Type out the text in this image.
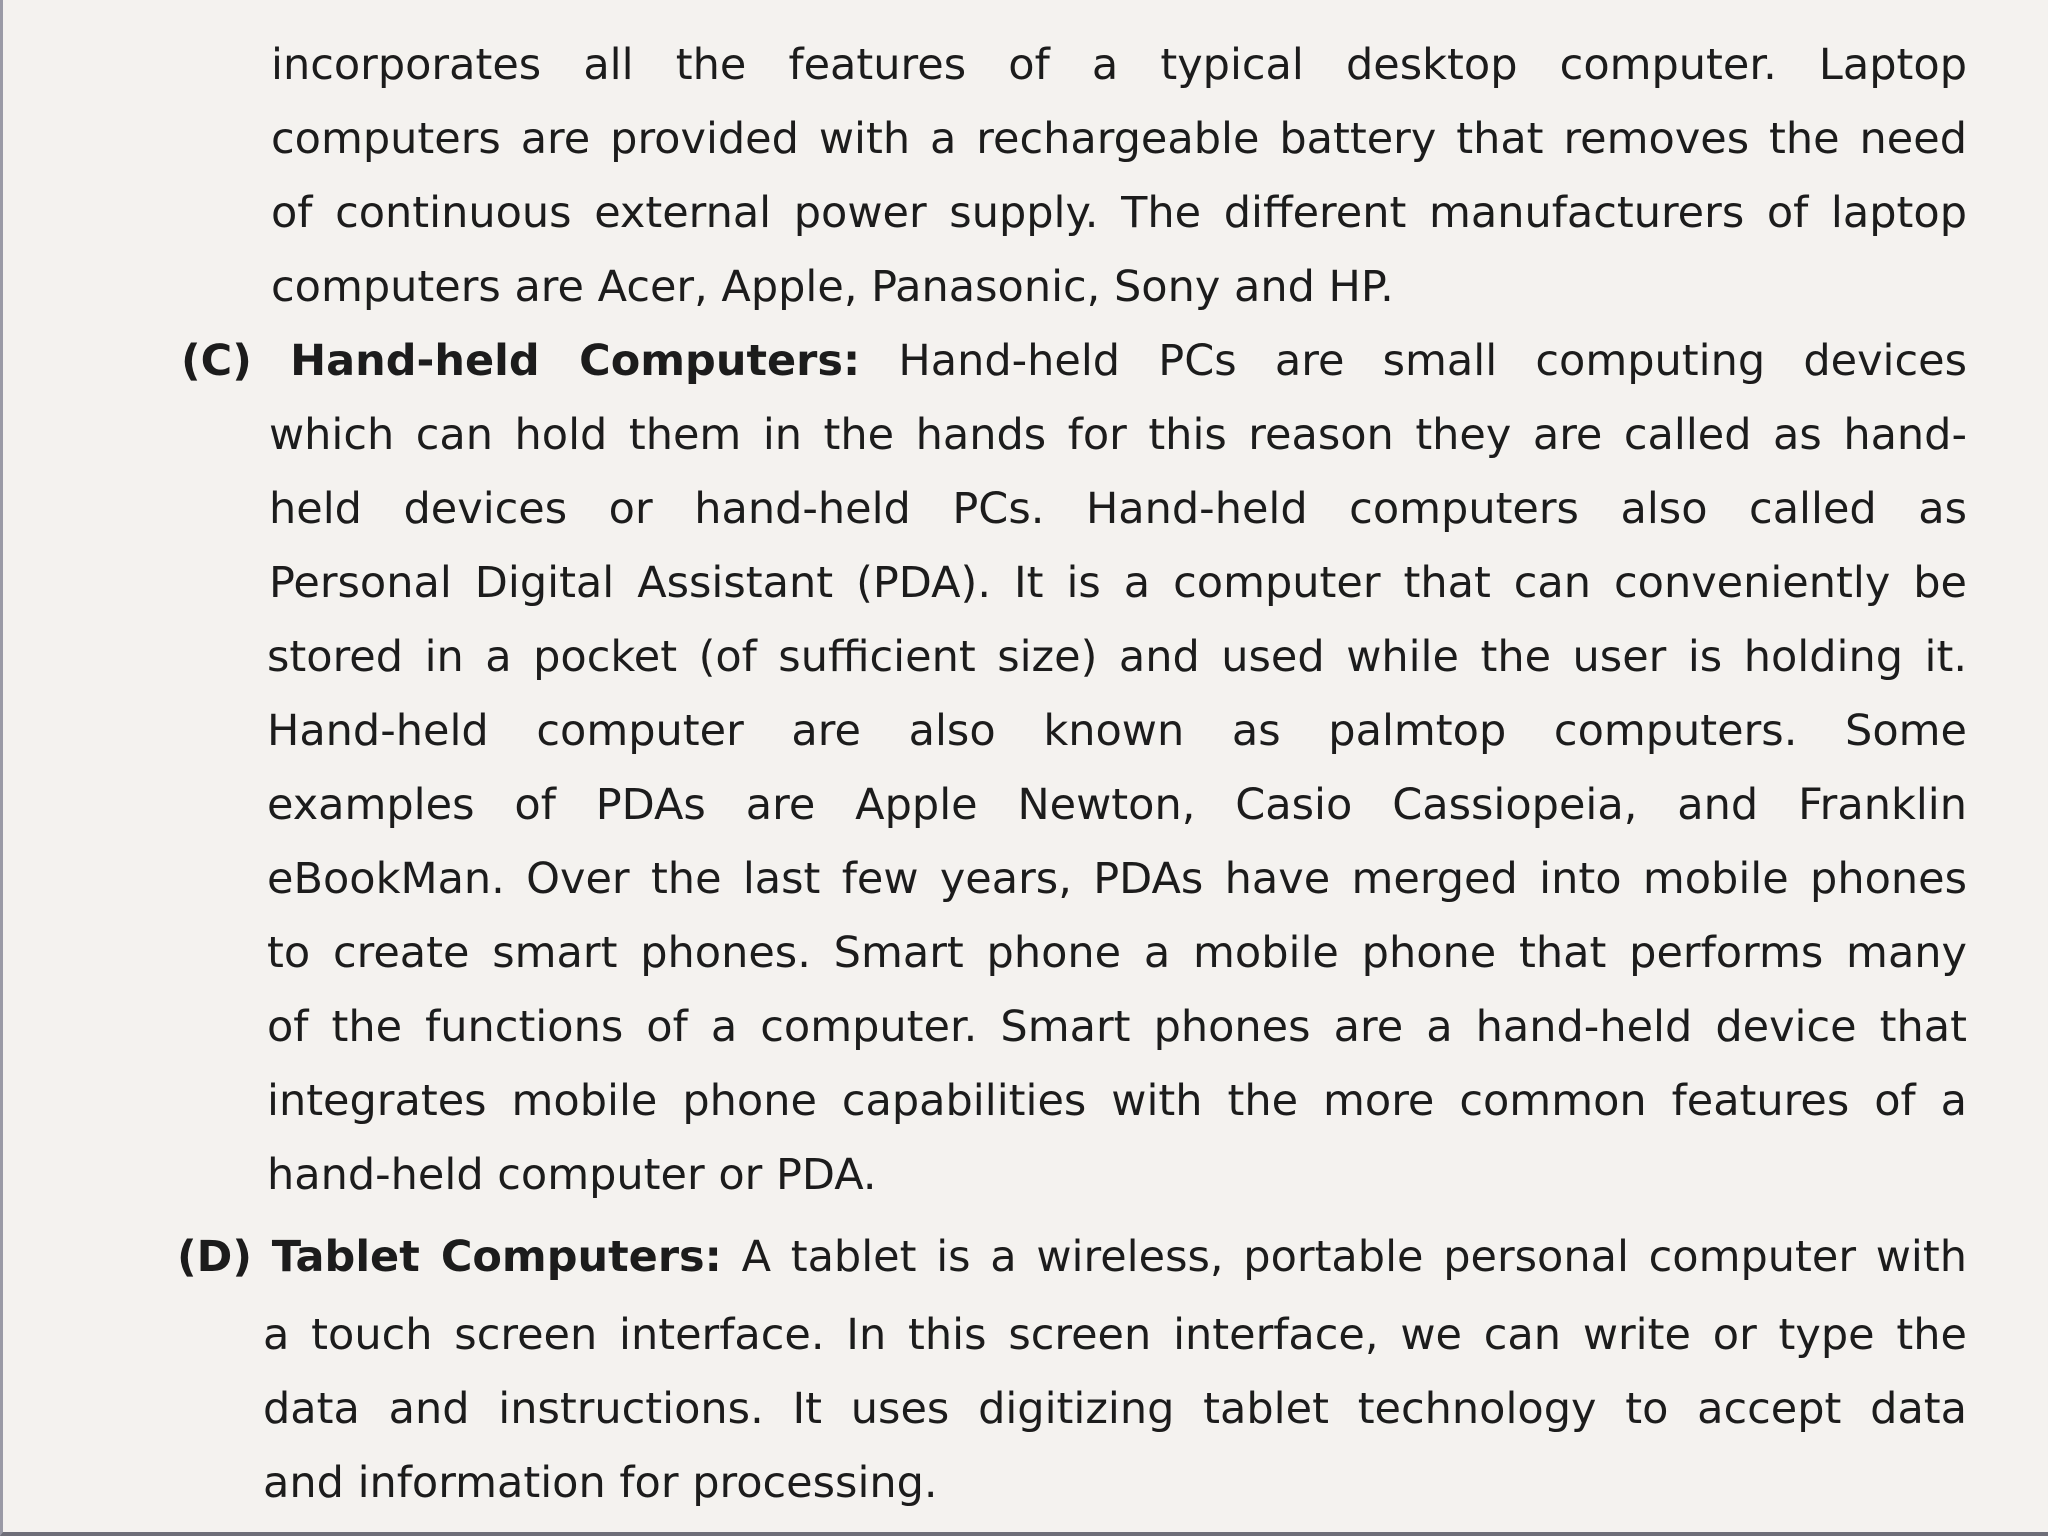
incorporates all the features of a typical desktop computer. Laptop
computers are provided with a rechargeable battery that removes the need
of continuous external power supply. The different manufacturers of laptop
computers are Acer, Apple, Panasonic, Sony and HP.
(C) Hand-held Computers: Hand-held PCs are small computing devices
which can hold them in the hands for this reason they are called as hand-
held devices or hand-held PCs. Hand-held computers also called as
Personal Digital Assistant (PDA). It is a computer that can conveniently be
stored in a pocket (of sufficient size) and used while the user is holding it.
Hand-held computer are also known as palmtop computers. Some
examples of PDAs are Apple Newton, Casio Cassiopeia, and Franklin
eBookMan. Over the last few years, PDAs have merged into mobile phones
to create smart phones. Smart phone a mobile phone that performs many
of the functions of a computer. Smart phones are a hand-held device that
integrates mobile phone capabilities with the more common features of a
hand-held computer or PDA.
(D) Tablet Computers: A tablet is a wireless, portable personal computer with
a touch screen interface. In this screen interface, we can write or type the
data and instructions. It uses digitizing tablet technology to accept data
and information for processing.
